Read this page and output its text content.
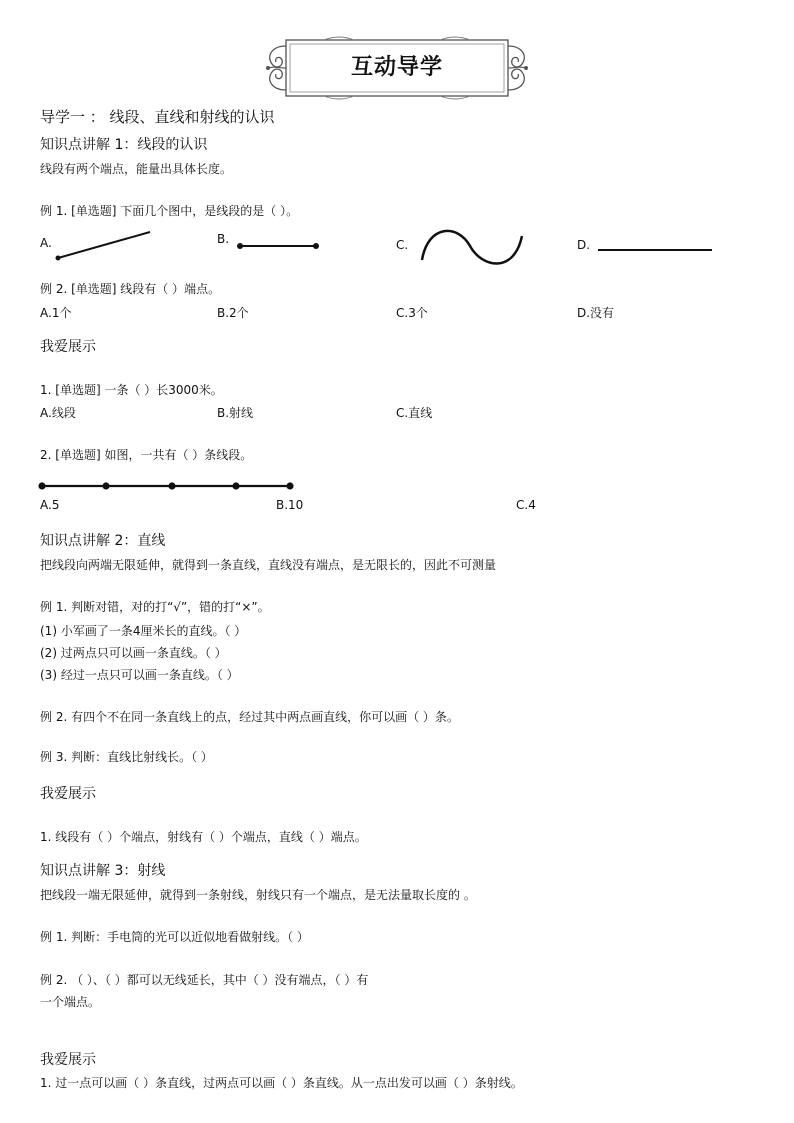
互动导学
导学一 ： 线段、直线和射线的认识
知识点讲解 1：线段的认识
线段有两个端点，能量出具体长度。
例 1. [单选题] 下面几个图中，是线段的是（ ）。
A.	B.	C.	D.
例 2. [单选题] 线段有（ ）端点。
A.1个	B.2个	C.3个	D.没有
我爱展示
1. [单选题] 一条（ ）长3000米。
A.线段	B.射线	C.直线
2. [单选题] 如图，一共有（ ）条线段。
A.5	B.10	C.4
知识点讲解 2：直线
把线段向两端无限延伸，就得到一条直线，直线没有端点，是无限长的，因此不可测量
例 1. 判断对错，对的打“√”，错的打“×”。
(1) 小军画了一条4厘米长的直线。（ ）
(2) 过两点只可以画一条直线。（ ）
(3) 经过一点只可以画一条直线。（ ）
例 2. 有四个不在同一条直线上的点，经过其中两点画直线，你可以画（ ）条。
例 3. 判断：直线比射线长。（ ）
我爱展示
1. 线段有（ ）个端点，射线有（ ）个端点，直线（ ）端点。
知识点讲解 3：射线
把线段一端无限延伸，就得到一条射线，射线只有一个端点，是无法量取长度的 。
例 1. 判断：手电筒的光可以近似地看做射线。（ ）
例 2. （ ）、（ ）都可以无线延长，其中（ ）没有端点，（ ）有
一个端点。
我爱展示
1. 过一点可以画（ ）条直线，过两点可以画（ ）条直线。从一点出发可以画（ ）条射线。
